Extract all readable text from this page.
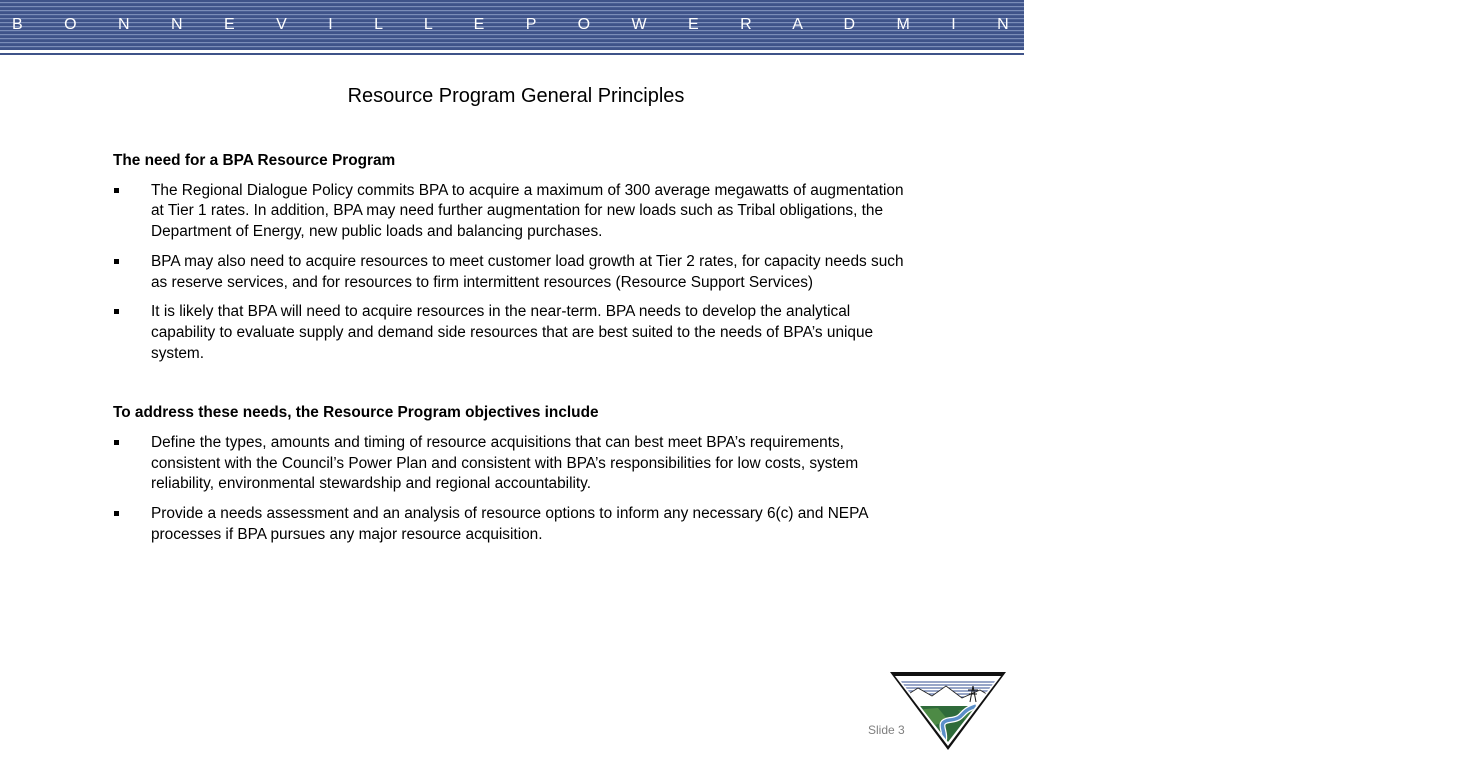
B O N N E V I L L E P O W E R A D M I N I S T R A T I O N
Resource Program General Principles
The need for a BPA Resource Program
The Regional Dialogue Policy commits BPA to acquire a maximum of 300 average megawatts of augmentation at Tier 1 rates. In addition, BPA may need further augmentation for new loads such as Tribal obligations, the Department of Energy, new public loads and balancing purchases.
BPA may also need to acquire resources to meet customer load growth at Tier 2 rates, for capacity needs such as reserve services, and for resources to firm intermittent resources (Resource Support Services)
It is likely that BPA will need to acquire resources in the near-term. BPA needs to develop the analytical capability to evaluate supply and demand side resources that are best suited to the needs of BPA’s unique system.
To address these needs, the Resource Program objectives include
Define the types, amounts and timing of resource acquisitions that can best meet BPA’s requirements, consistent with the Council’s Power Plan and consistent with BPA’s responsibilities for low costs, system reliability, environmental stewardship and regional accountability.
Provide a needs assessment and an analysis of resource options to inform any necessary 6(c) and NEPA processes if BPA pursues any major resource acquisition.
Slide 3
